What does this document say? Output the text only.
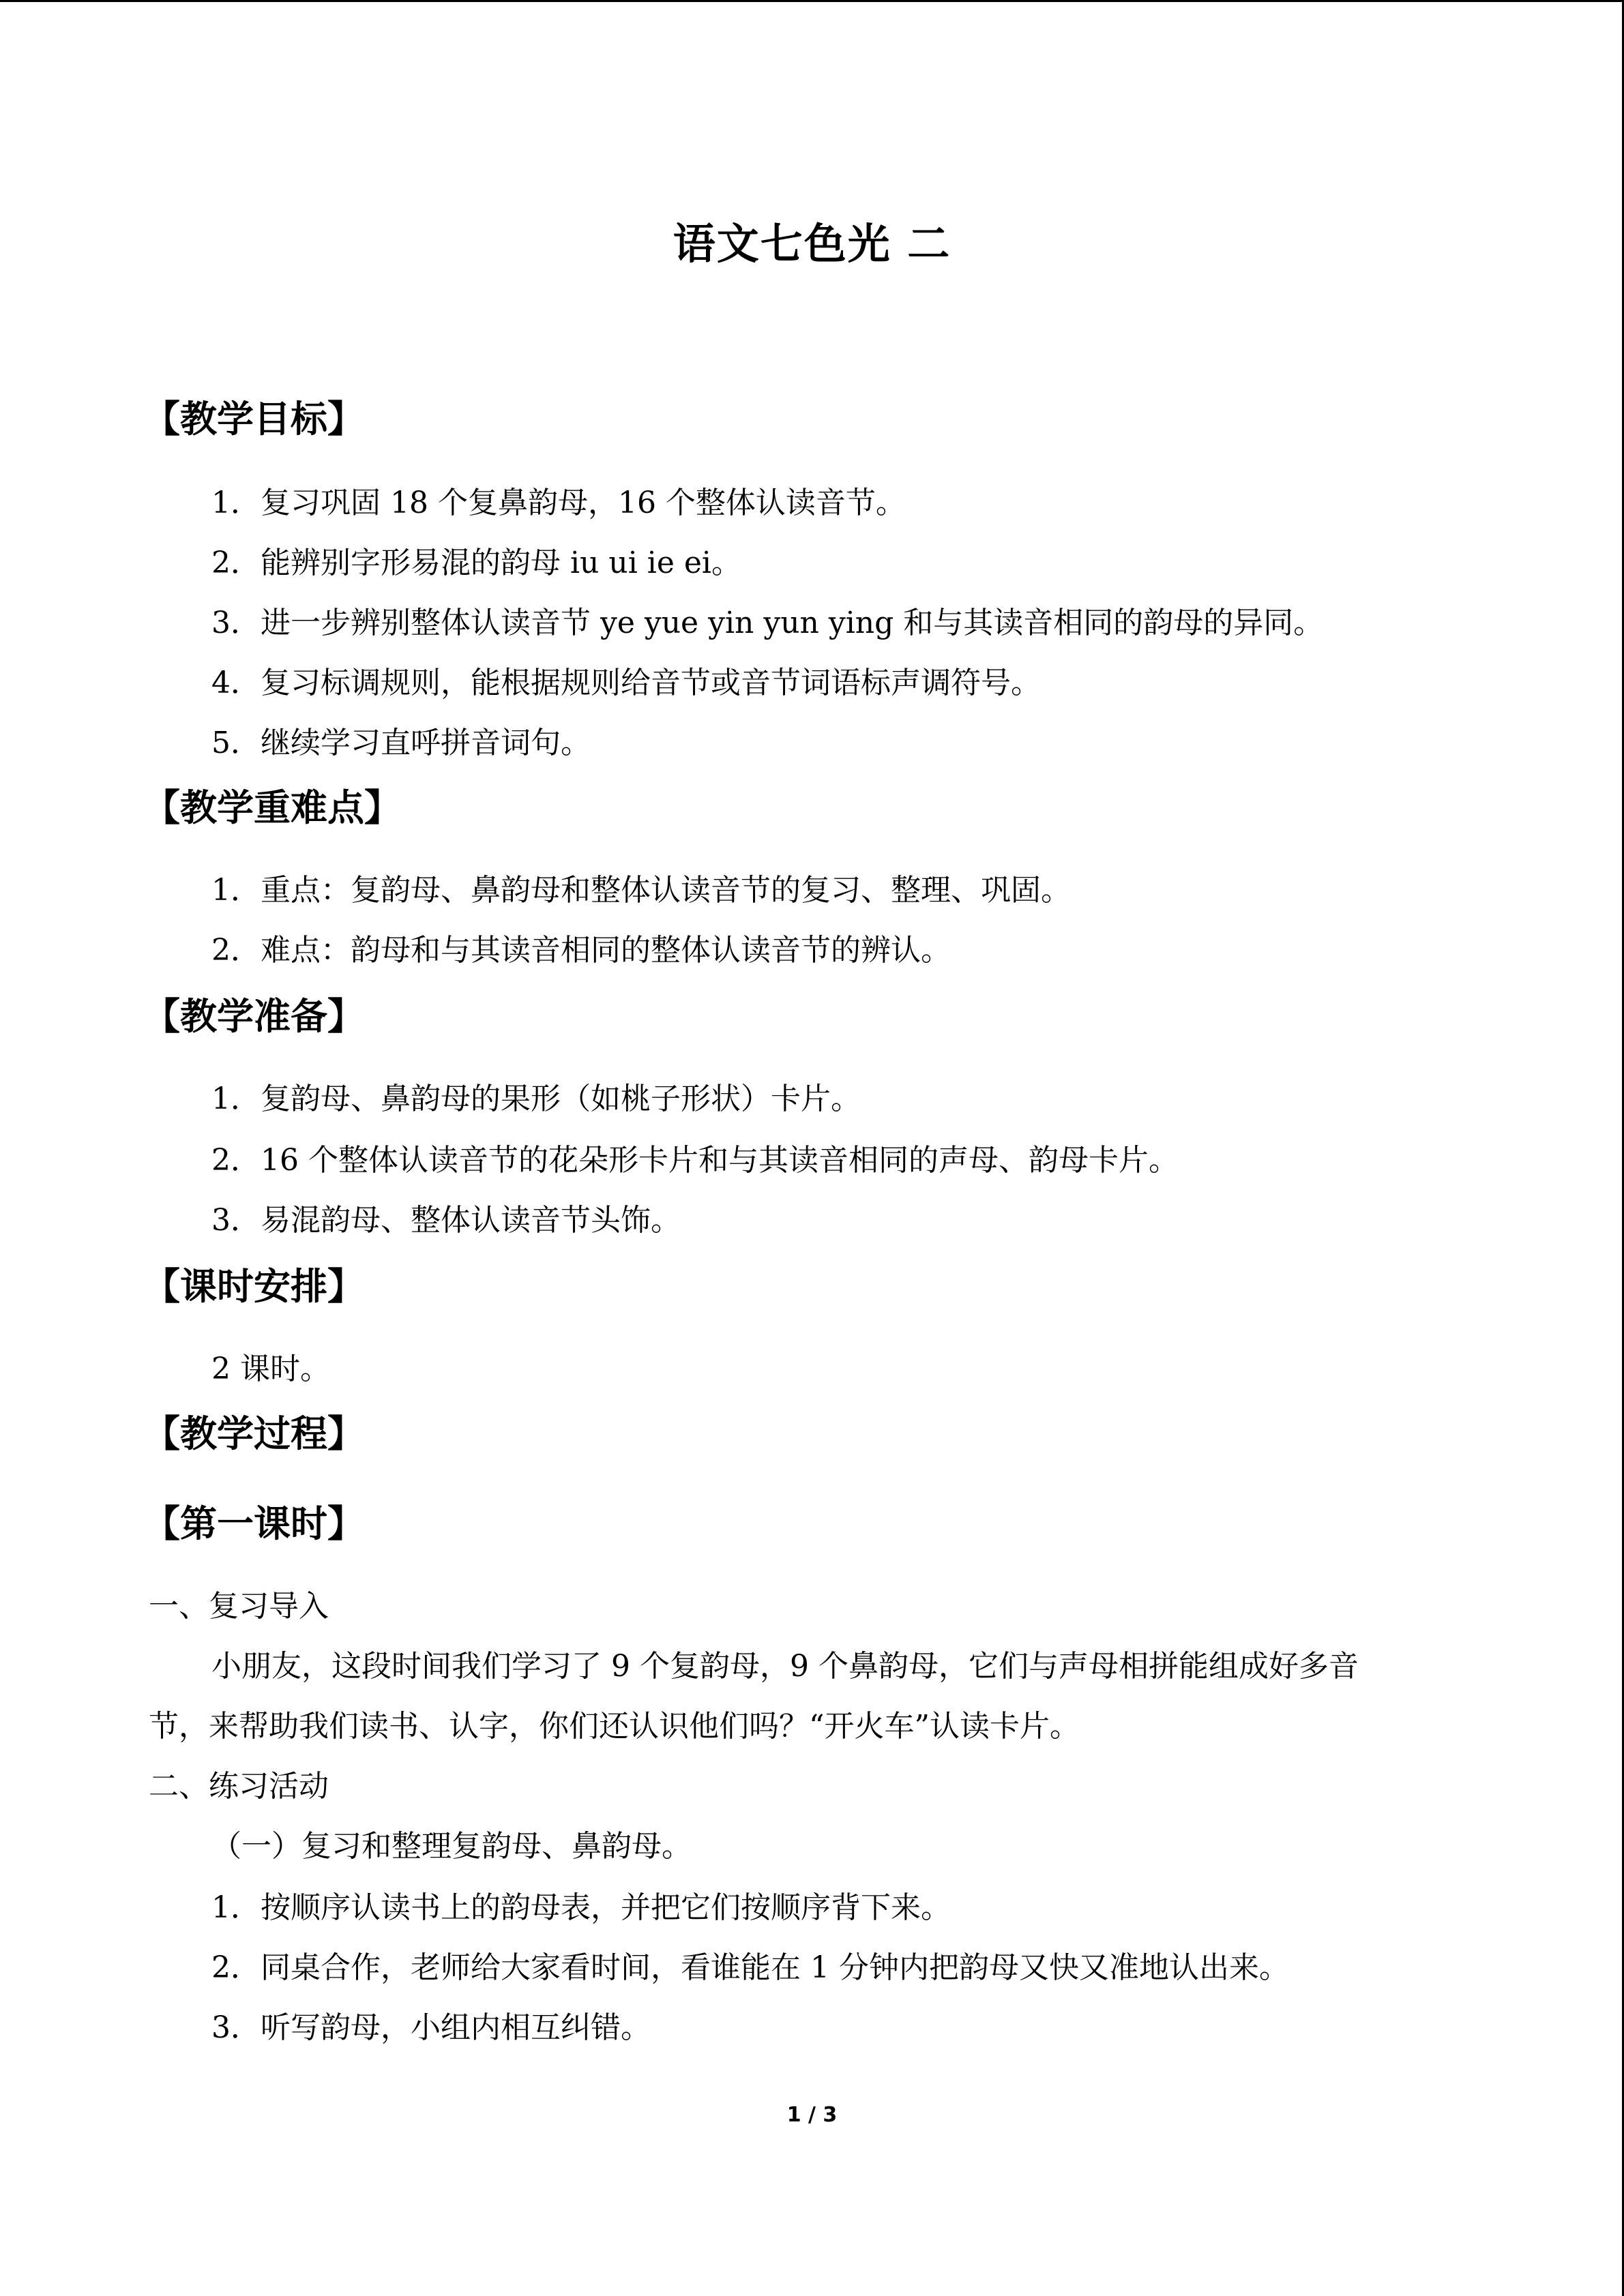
语文七色光 二
【教学目标】
1．复习巩固 18 个复鼻韵母，16 个整体认读音节。
2．能辨别字形易混的韵母 iu ui ie ei。
3．进一步辨别整体认读音节 ye yue yin yun ying 和与其读音相同的韵母的异同。
4．复习标调规则，能根据规则给音节或音节词语标声调符号。
5．继续学习直呼拼音词句。
【教学重难点】
1．重点：复韵母、鼻韵母和整体认读音节的复习、整理、巩固。
2．难点：韵母和与其读音相同的整体认读音节的辨认。
【教学准备】
1．复韵母、鼻韵母的果形（如桃子形状）卡片。
2．16 个整体认读音节的花朵形卡片和与其读音相同的声母、韵母卡片。
3．易混韵母、整体认读音节头饰。
【课时安排】
2 课时。
【教学过程】
【第一课时】
一、复习导入
小朋友，这段时间我们学习了 9 个复韵母，9 个鼻韵母，它们与声母相拼能组成好多音
节，来帮助我们读书、认字，你们还认识他们吗？“开火车”认读卡片。
二、练习活动
（一）复习和整理复韵母、鼻韵母。
1．按顺序认读书上的韵母表，并把它们按顺序背下来。
2．同桌合作，老师给大家看时间，看谁能在 1 分钟内把韵母又快又准地认出来。
3．听写韵母，小组内相互纠错。
1 / 3
